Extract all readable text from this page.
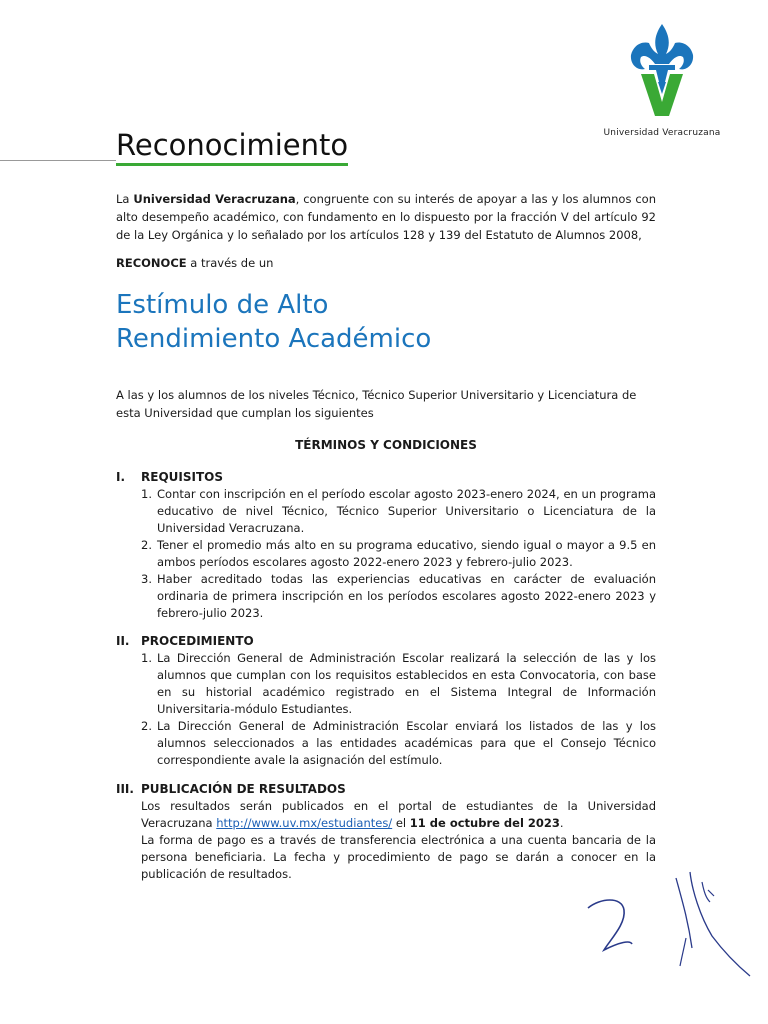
Universidad Veracruzana
Reconocimiento

La Universidad Veracruzana, congruente con su interés de apoyar a las y los alumnos con alto desempeño académico, con fundamento en lo dispuesto por la fracción V del artículo 92 de la Ley Orgánica y lo señalado por los artículos 128 y 139 del Estatuto de Alumnos 2008,

RECONOCE a través de un

Estímulo de Alto
Rendimiento Académico

A las y los alumnos de los niveles Técnico, Técnico Superior Universitario y Licenciatura de esta Universidad que cumplan los siguientes

TÉRMINOS Y CONDICIONES
I.	REQUISITOS
1. Contar con inscripción en el período escolar agosto 2023-enero 2024, en un programa educativo de nivel Técnico, Técnico Superior Universitario o Licenciatura de la Universidad Veracruzana.
2. Tener el promedio más alto en su programa educativo, siendo igual o mayor a 9.5 en ambos períodos escolares agosto 2022-enero 2023 y febrero-julio 2023.
3. Haber acreditado todas las experiencias educativas en carácter de evaluación ordinaria de primera inscripción en los períodos escolares agosto 2022-enero 2023 y febrero-julio 2023.
II. PROCEDIMIENTO
1. La Dirección General de Administración Escolar realizará la selección de las y los alumnos que cumplan con los requisitos establecidos en esta Convocatoria, con base en su historial académico registrado en el Sistema Integral de Información Universitaria-módulo Estudiantes.
2. La Dirección General de Administración Escolar enviará los listados de las y los alumnos seleccionados a las entidades académicas para que el Consejo Técnico correspondiente avale la asignación del estímulo.
III. PUBLICACIÓN DE RESULTADOS

Los resultados serán publicados en el portal de estudiantes de la Universidad Veracruzana http://www.uv.mx/estudiantes/ el 11 de octubre del 2023.

La forma de pago es a través de transferencia electrónica a una cuenta bancaria de la persona beneficiaria. La fecha y procedimiento de pago se darán a conocer en la publicación de resultados.
